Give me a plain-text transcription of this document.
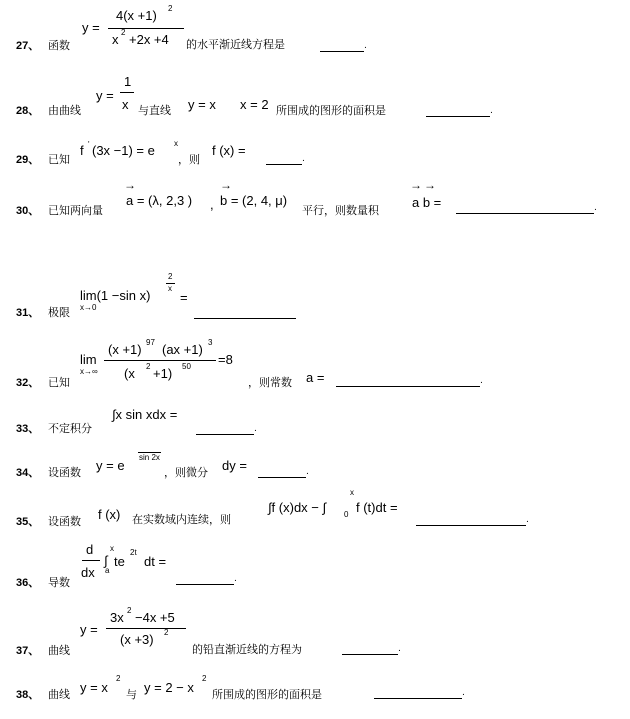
27、 函数
y =
4(x +1) 2
x 2 +2x +4 的水平渐近线方程是	.
28、 由曲线
y =
1
x 与直线 y = x x = 2 所围成的图形的面积是	.
29、 已知
f ' (3x −1) = e x
，则
f (x) =
.
30、 已知两向量
→
a = (λ, 2,3 ) ,
→
b = (2, 4, μ)
平行，则数量积
→ →
a b =	.
31、 极限
lim(1 −sin x)
x→0
2
x
=
32、 已知
lim
x→∞
(x +1) 97 (ax +1) 3
(x 2 +1) 50 =8
，则常数 a =	.
33、 不定积分
∫x sin xdx =
.
34、 设函数 y = e
sin 2x
，则微分 dy =	.
35、 设函数 f (x) 在实数域内连续，则
∫f (x)dx − ∫
x
0 f (t)dt =
.
36、 导数
d
dx
∫
x
a
te
2t
dt =
.
37、 曲线
y =
3x 2 −4x +5
(x +3) 2
的铅直渐近线的方程为	.
38、 曲线 y = x
2
与 y = 2 − x
2
所围成的图形的面积是	.
